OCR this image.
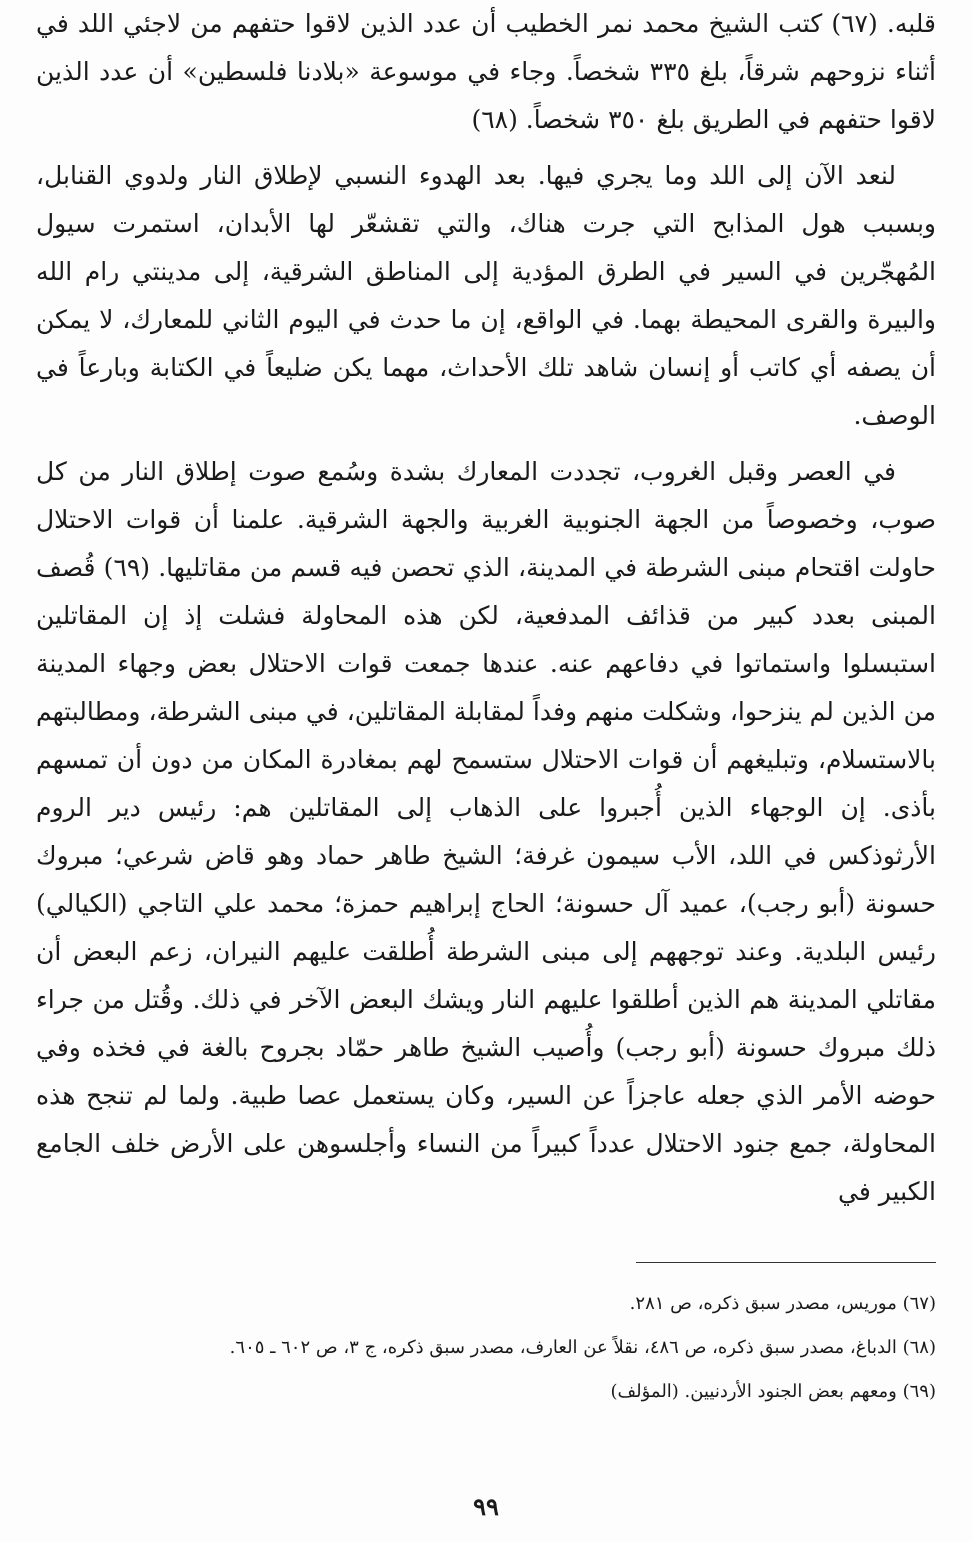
قلبه. (٦٧) كتب الشيخ محمد نمر الخطيب أن عدد الذين لاقوا حتفهم من لاجئي اللد في أثناء نزوحهم شرقاً، بلغ ٣٣٥ شخصاً. وجاء في موسوعة «بلادنا فلسطين» أن عدد الذين لاقوا حتفهم في الطريق بلغ ٣٥٠ شخصاً. (٦٨)

لنعد الآن إلى اللد وما يجري فيها. بعد الهدوء النسبي لإطلاق النار ولدوي القنابل، وبسبب هول المذابح التي جرت هناك، والتي تقشعّر لها الأبدان، استمرت سيول المُهجّرين في السير في الطرق المؤدية إلى المناطق الشرقية، إلى مدينتي رام الله والبيرة والقرى المحيطة بهما. في الواقع، إن ما حدث في اليوم الثاني للمعارك، لا يمكن أن يصفه أي كاتب أو إنسان شاهد تلك الأحداث، مهما يكن ضليعاً في الكتابة وبارعاً في الوصف.

في العصر وقبل الغروب، تجددت المعارك بشدة وسُمع صوت إطلاق النار من كل صوب، وخصوصاً من الجهة الجنوبية الغربية والجهة الشرقية. علمنا أن قوات الاحتلال حاولت اقتحام مبنى الشرطة في المدينة، الذي تحصن فيه قسم من مقاتليها. (٦٩) قُصف المبنى بعدد كبير من قذائف المدفعية، لكن هذه المحاولة فشلت إذ إن المقاتلين استبسلوا واستماتوا في دفاعهم عنه. عندها جمعت قوات الاحتلال بعض وجهاء المدينة من الذين لم ينزحوا، وشكلت منهم وفداً لمقابلة المقاتلين، في مبنى الشرطة، ومطالبتهم بالاستسلام، وتبليغهم أن قوات الاحتلال ستسمح لهم بمغادرة المكان من دون أن تمسهم بأذى. إن الوجهاء الذين أُجبروا على الذهاب إلى المقاتلين هم: رئيس دير الروم الأرثوذكس في اللد، الأب سيمون غرفة؛ الشيخ طاهر حماد وهو قاض شرعي؛ مبروك حسونة (أبو رجب)، عميد آل حسونة؛ الحاج إبراهيم حمزة؛ محمد علي التاجي (الكيالي) رئيس البلدية. وعند توجههم إلى مبنى الشرطة أُطلقت عليهم النيران، زعم البعض أن مقاتلي المدينة هم الذين أطلقوا عليهم النار ويشك البعض الآخر في ذلك. وقُتل من جراء ذلك مبروك حسونة (أبو رجب) وأُصيب الشيخ طاهر حمّاد بجروح بالغة في فخذه وفي حوضه الأمر الذي جعله عاجزاً عن السير، وكان يستعمل عصا طبية. ولما لم تنجح هذه المحاولة، جمع جنود الاحتلال عدداً كبيراً من النساء وأجلسوهن على الأرض خلف الجامع الكبير في

(٦٧) موريس، مصدر سبق ذكره، ص ٢٨١.

(٦٨) الدباغ، مصدر سبق ذكره، ص ٤٨٦، نقلاً عن العارف، مصدر سبق ذكره، ج ٣، ص ٦٠٢ ـ ٦٠٥.

(٦٩) ومعهم بعض الجنود الأردنيين. (المؤلف)

٩٩
